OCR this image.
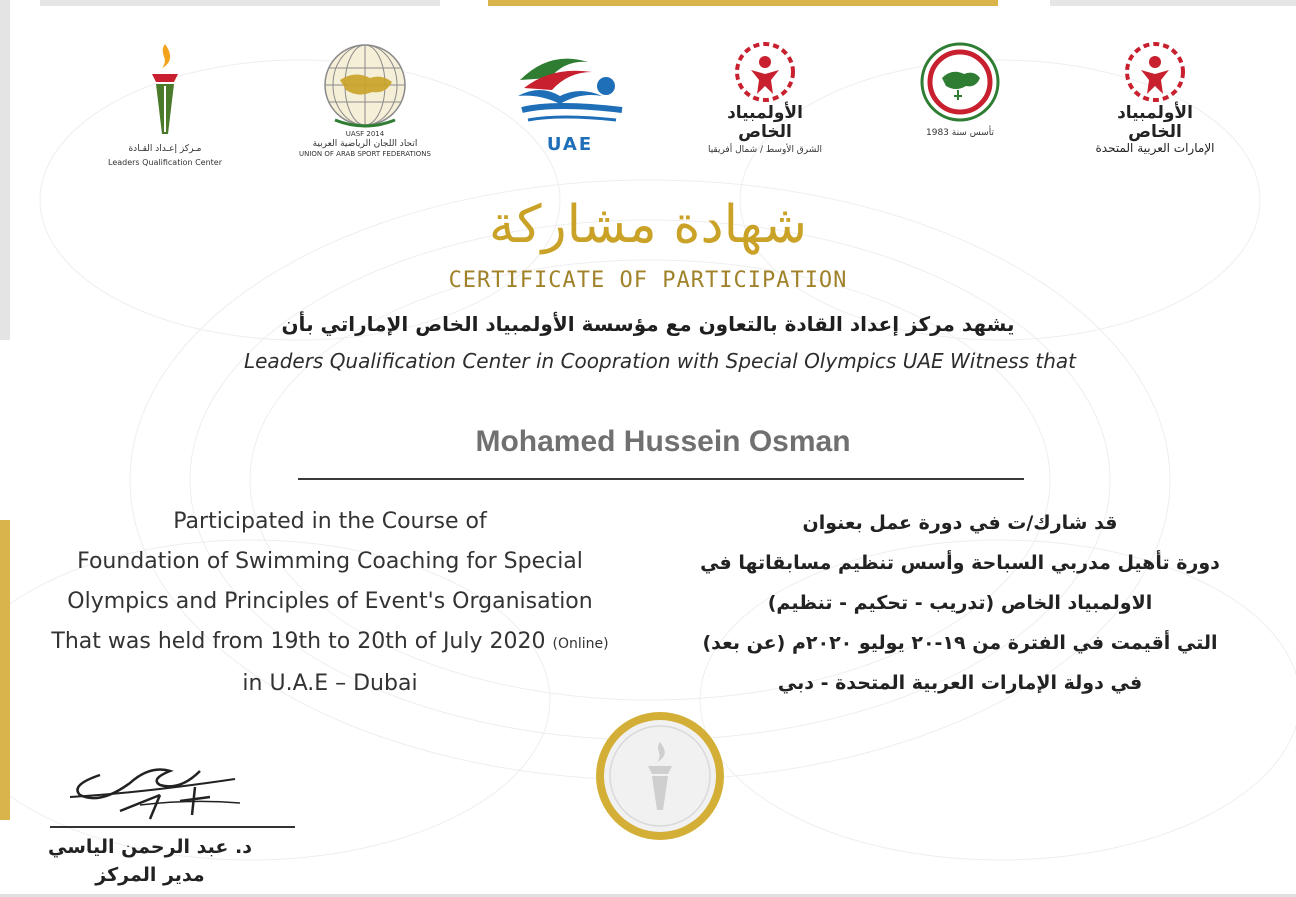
مـركز إعـداد القـادة
Leaders Qualification Center
UASF 2014
اتحاد اللجان الرياضية العربية
UNION OF ARAB SPORT FEDERATIONS	UAE
الأولمبياد الخاص
الشرق الأوسط / شمال أفريقيا
تأسس سنة 1983
الأولمبياد الخاص
الإمارات العربية المتحدة
شهادة مشاركة
CERTIFICATE OF PARTICIPATION
يشهد مركز إعداد القادة بالتعاون مع مؤسسة الأولمبياد الخاص الإماراتي بأن
Leaders Qualification Center in Coopration with Special Olympics UAE Witness that
Mohamed Hussein Osman
Participated in the Course of
Foundation of Swimming Coaching for Special
Olympics and Principles of Event's Organisation
That was held from 19th to 20th of July 2020 (Online)
in U.A.E – Dubai
قد شارك/ت في دورة عمل بعنوان
دورة تأهيل مدربي السباحة وأسس تنظيم مسابقاتها في
الاولمبياد الخاص (تدريب - تحكيم - تنظيم)
التي أقيمت في الفترة من ١٩-٢٠ يوليو ٢٠٢٠م (عن بعد)
في دولة الإمارات العربية المتحدة - دبي
د. عبد الرحمن الياسي
مدير المركز
